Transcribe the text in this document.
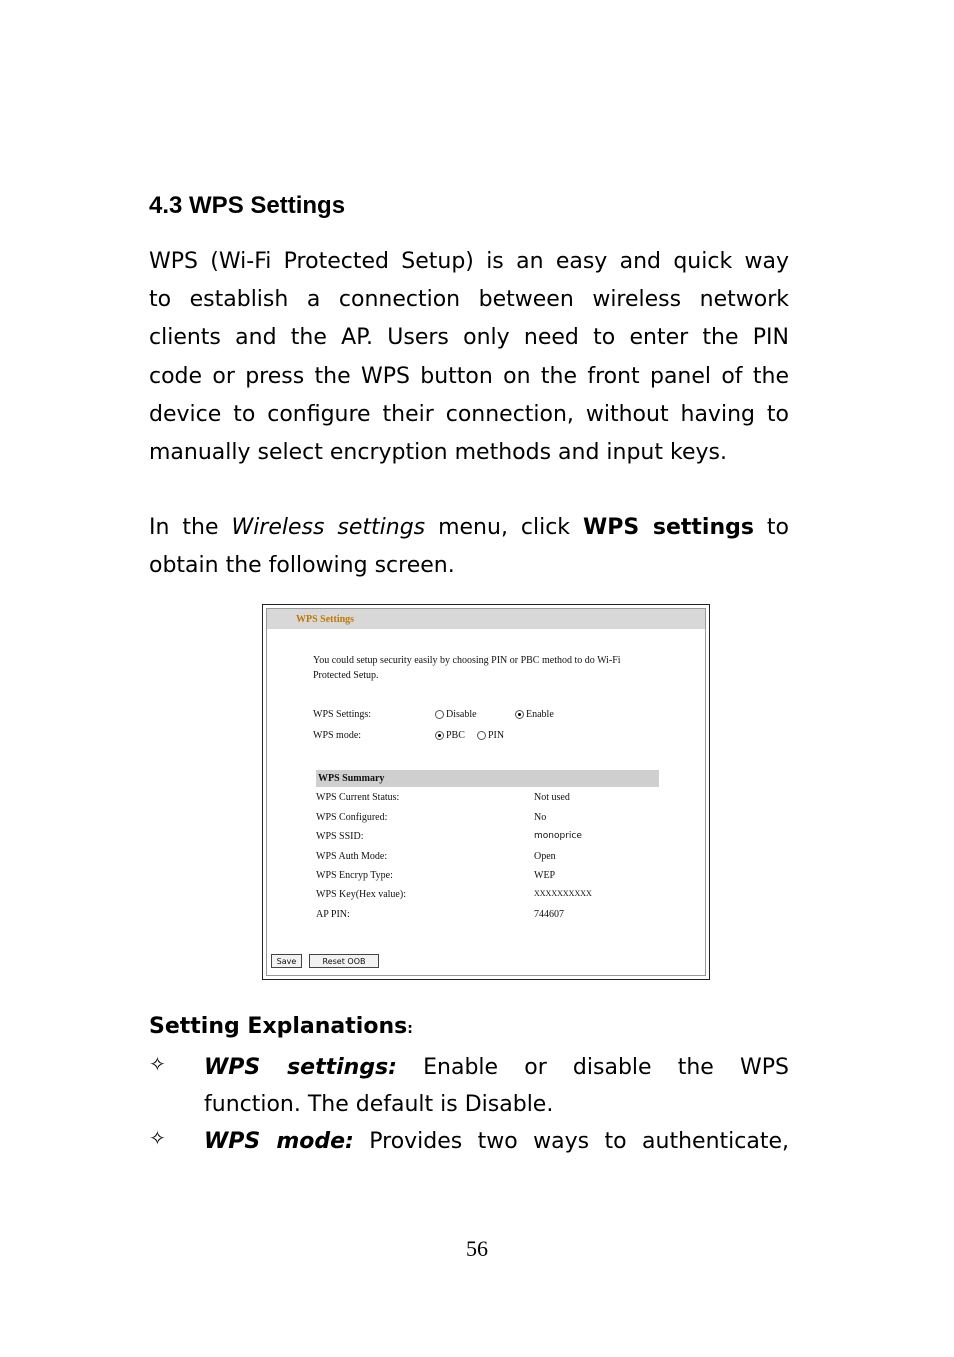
4.3 WPS Settings
WPS (Wi-Fi Protected Setup) is an easy and quick way
to establish a connection between wireless network
clients and the AP. Users only need to enter the PIN
code or press the WPS button on the front panel of the
device to configure their connection, without having to
manually select encryption methods and input keys.
In the Wireless settings menu, click WPS settings to
obtain the following screen.
WPS Settings
You could setup security easily by choosing PIN or PBC method to do Wi-Fi Protected Setup.
WPS Settings:	Disable	Enable
WPS mode:	PBC PIN
WPS Summary
WPS Current Status:	Not used
WPS Configured:	No
WPS SSID:	monoprice
WPS Auth Mode:	Open
WPS Encryp Type:	WEP
WPS Key(Hex value):	XXXXXXXXXX
AP PIN:	744607
Save	Reset OOB
Setting Explanations:
✧ WPS settings: Enable or disable the WPS
function. The default is Disable.
✧ WPS mode: Provides two ways to authenticate,
56
